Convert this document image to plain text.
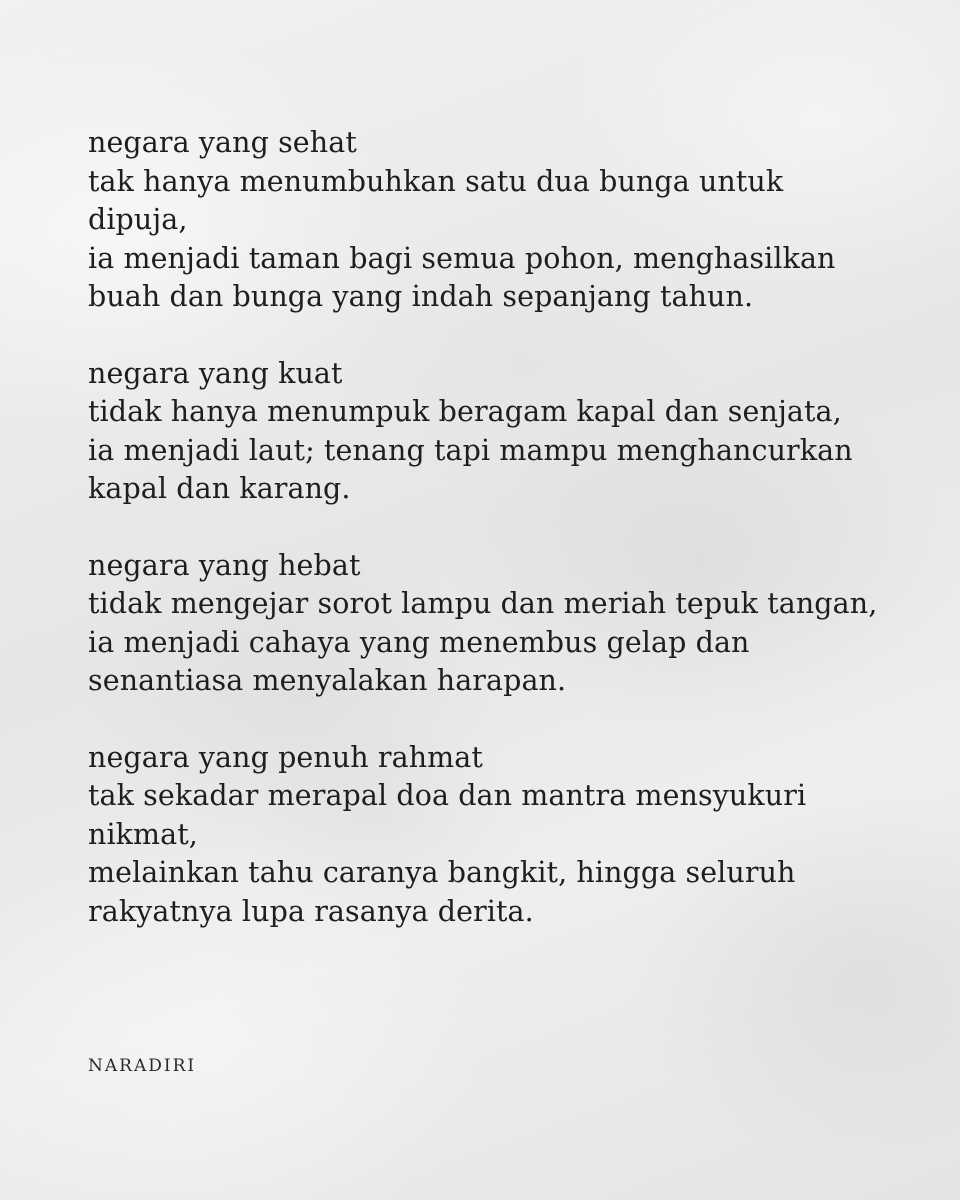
negara yang sehat
tak hanya menumbuhkan satu dua bunga untuk
dipuja,
ia menjadi taman bagi semua pohon, menghasilkan
buah dan bunga yang indah sepanjang tahun.
negara yang kuat
tidak hanya menumpuk beragam kapal dan senjata,
ia menjadi laut; tenang tapi mampu menghancurkan
kapal dan karang.
negara yang hebat
tidak mengejar sorot lampu dan meriah tepuk tangan,
ia menjadi cahaya yang menembus gelap dan
senantiasa menyalakan harapan.
negara yang penuh rahmat
tak sekadar merapal doa dan mantra mensyukuri
nikmat,
melainkan tahu caranya bangkit, hingga seluruh
rakyatnya lupa rasanya derita.
NARADIRI
